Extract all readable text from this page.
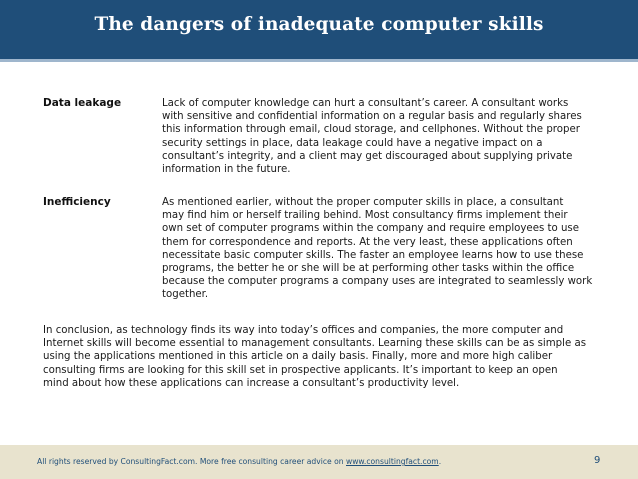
The dangers of inadequate computer skills
Data leakage	Lack of computer knowledge can hurt a consultant’s career. A consultant works
with sensitive and confidential information on a regular basis and regularly shares
this information through email, cloud storage, and cellphones. Without the proper
security settings in place, data leakage could have a negative impact on a
consultant’s integrity, and a client may get discouraged about supplying private
information in the future.
Inefficiency	As mentioned earlier, without the proper computer skills in place, a consultant
may find him or herself trailing behind. Most consultancy firms implement their
own set of computer programs within the company and require employees to use
them for correspondence and reports. At the very least, these applications often
necessitate basic computer skills. The faster an employee learns how to use these
programs, the better he or she will be at performing other tasks within the office
because the computer programs a company uses are integrated to seamlessly work
together.
In conclusion, as technology finds its way into today’s offices and companies, the more computer and
Internet skills will become essential to management consultants. Learning these skills can be as simple as
using the applications mentioned in this article on a daily basis. Finally, more and more high caliber
consulting firms are looking for this skill set in prospective applicants. It’s important to keep an open
mind about how these applications can increase a consultant’s productivity level.
All rights reserved by ConsultingFact.com. More free consulting career advice on www.consultingfact.com.	9
